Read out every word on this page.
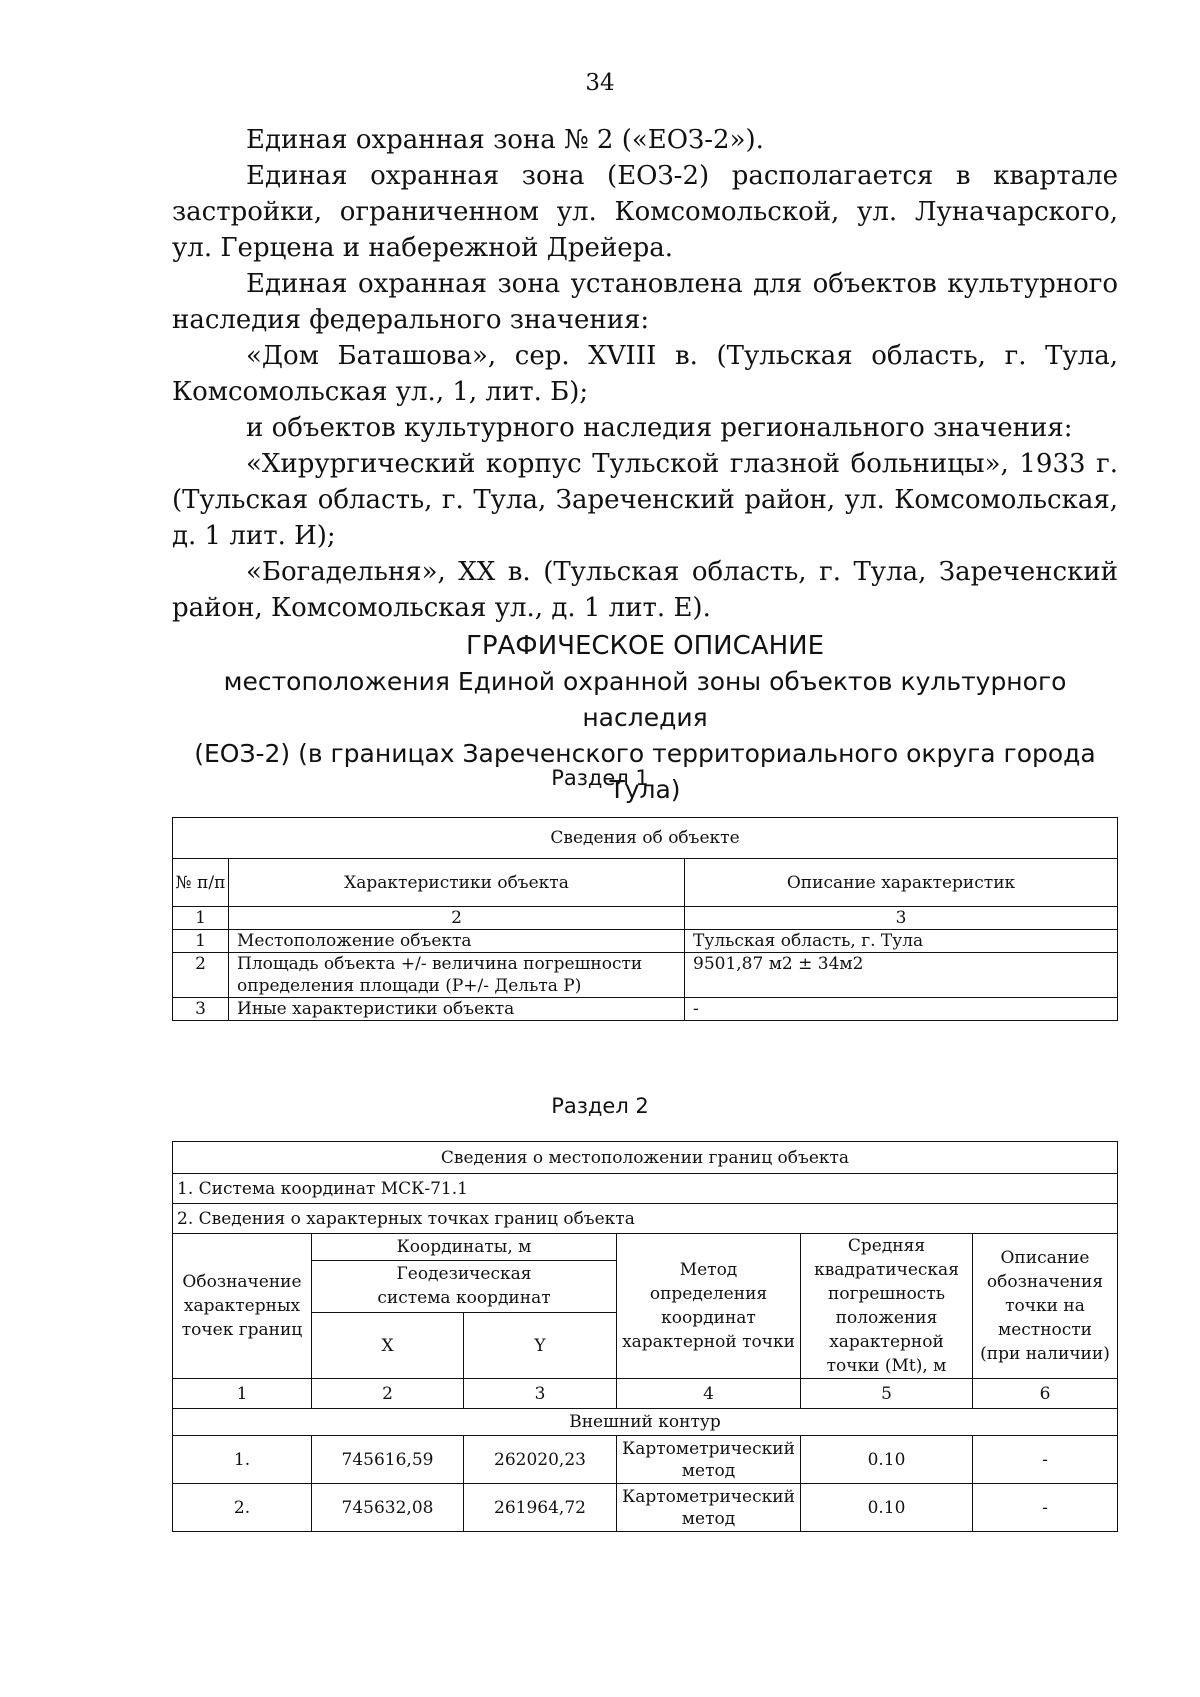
34

Единая охранная зона № 2 («ЕОЗ-2»).

Единая охранная зона (ЕОЗ-2) располагается в квартале застройки, ограниченном ул. Комсомольской, ул. Луначарского, ул. Герцена и набережной Дрейера.

Единая охранная зона установлена для объектов культурного наследия федерального значения:

«Дом Баташова», сер. XVIII в. (Тульская область, г. Тула, Комсомольская ул., 1, лит. Б);

и объектов культурного наследия регионального значения:

«Хирургический корпус Тульской глазной больницы», 1933 г. (Тульская область, г. Тула, Зареченский район, ул. Комсомольская, д. 1 лит. И);

«Богадельня», XX в. (Тульская область, г. Тула, Зареченский район, Комсомольская ул., д. 1 лит. Е).

ГРАФИЧЕСКОЕ ОПИСАНИЕ
местоположения Единой охранной зоны объектов культурного наследия
(ЕОЗ-2) (в границах Зареченского территориального округа города Тула)
Раздел 1
Сведения об объекте		
№ п/п	Характеристики объекта	Описание характеристик
1	2	3
1	Местоположение объекта	Тульская область, г. Тула
2	Площадь объекта +/- величина погрешности определения площади (Р+/- Дельта Р)	9501,87 м2 ± 34м2
3	Иные характеристики объекта	-
Раздел 2
Сведения о местоположении границ объекта					
1. Система координат МСК-71.1					
2. Сведения о характерных точках границ объекта					
Обозначение характерных точек границ	Координаты, м		Метод определения координат характерной точки	Средняя квадратическая погрешность положения характерной точки (Mt), м	Описание обозначения точки на местности (при наличии)
	Геодезическая система координат				
	X	Y			
1	2	3	4	5	6
Внешний контур					
1.	745616,59	262020,23	Картометрический метод	0.10	-
2.	745632,08	261964,72	Картометрический метод	0.10	-
